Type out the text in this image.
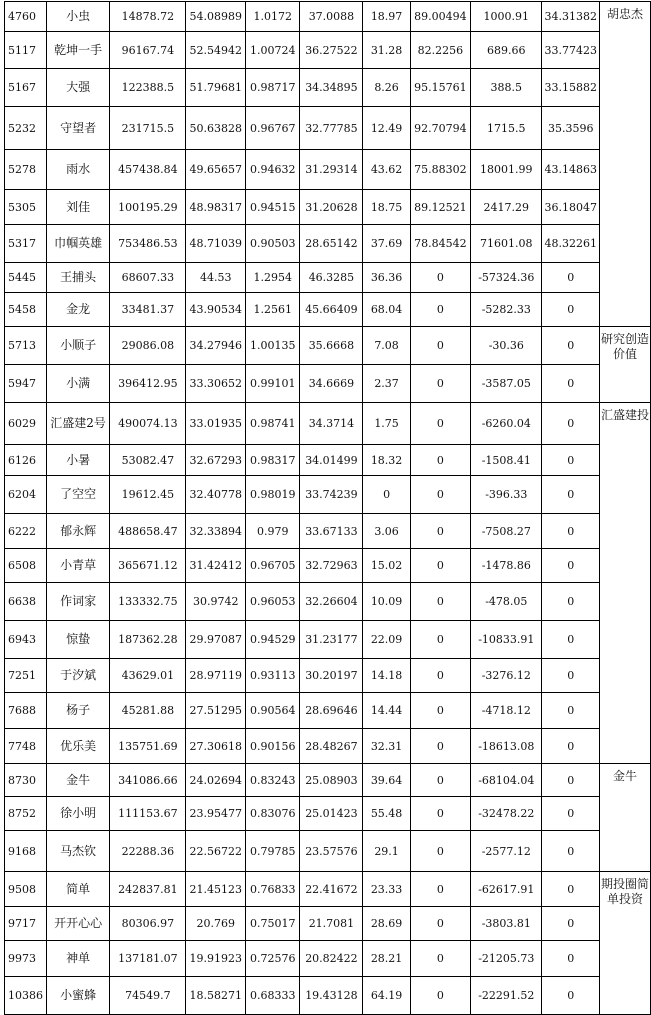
4760	小虫	14878.72	54.08989	1.0172	37.0088	18.97	89.00494	1000.91	34.31382	胡忠杰
5117	乾坤一手	96167.74	52.54942	1.00724	36.27522	31.28	82.2256	689.66	33.77423	
5167	大强	122388.5	51.79681	0.98717	34.34895	8.26	95.15761	388.5	33.15882	
5232	守望者	231715.5	50.63828	0.96767	32.77785	12.49	92.70794	1715.5	35.3596	
5278	雨水	457438.84	49.65657	0.94632	31.29314	43.62	75.88302	18001.99	43.14863	
5305	刘佳	100195.29	48.98317	0.94515	31.20628	18.75	89.12521	2417.29	36.18047	
5317	巾帼英雄	753486.53	48.71039	0.90503	28.65142	37.69	78.84542	71601.08	48.32261	
5445	王捕头	68607.33	44.53	1.2954	46.3285	36.36	0	-57324.36	0	
5458	金龙	33481.37	43.90534	1.2561	45.66409	68.04	0	-5282.33	0	
5713	小顺子	29086.08	34.27946	1.00135	35.6668	7.08	0	-30.36	0	研究创造价值
5947	小满	396412.95	33.30652	0.99101	34.6669	2.37	0	-3587.05	0	
6029	汇盛建2号	490074.13	33.01935	0.98741	34.3714	1.75	0	-6260.04	0	汇盛建投
6126	小暑	53082.47	32.67293	0.98317	34.01499	18.32	0	-1508.41	0	
6204	了空空	19612.45	32.40778	0.98019	33.74239	0	0	-396.33	0	
6222	郁永辉	488658.47	32.33894	0.979	33.67133	3.06	0	-7508.27	0	
6508	小青草	365671.12	31.42412	0.96705	32.72963	15.02	0	-1478.86	0	
6638	作词家	133332.75	30.9742	0.96053	32.26604	10.09	0	-478.05	0	
6943	惊蛰	187362.28	29.97087	0.94529	31.23177	22.09	0	-10833.91	0	
7251	于汐斌	43629.01	28.97119	0.93113	30.20197	14.18	0	-3276.12	0	
7688	杨子	45281.88	27.51295	0.90564	28.69646	14.44	0	-4718.12	0	
7748	优乐美	135751.69	27.30618	0.90156	28.48267	32.31	0	-18613.08	0	
8730	金牛	341086.66	24.02694	0.83243	25.08903	39.64	0	-68104.04	0	金牛
8752	徐小明	111153.67	23.95477	0.83076	25.01423	55.48	0	-32478.22	0	
9168	马杰钦	22288.36	22.56722	0.79785	23.57576	29.1	0	-2577.12	0	
9508	简单	242837.81	21.45123	0.76833	22.41672	23.33	0	-62617.91	0	期投圈简单投资
9717	开开心心	80306.97	20.769	0.75017	21.7081	28.69	0	-3803.81	0	
9973	神单	137181.07	19.91923	0.72576	20.82422	28.21	0	-21205.73	0	
10386	小蜜蜂	74549.7	18.58271	0.68333	19.43128	64.19	0	-22291.52	0	
